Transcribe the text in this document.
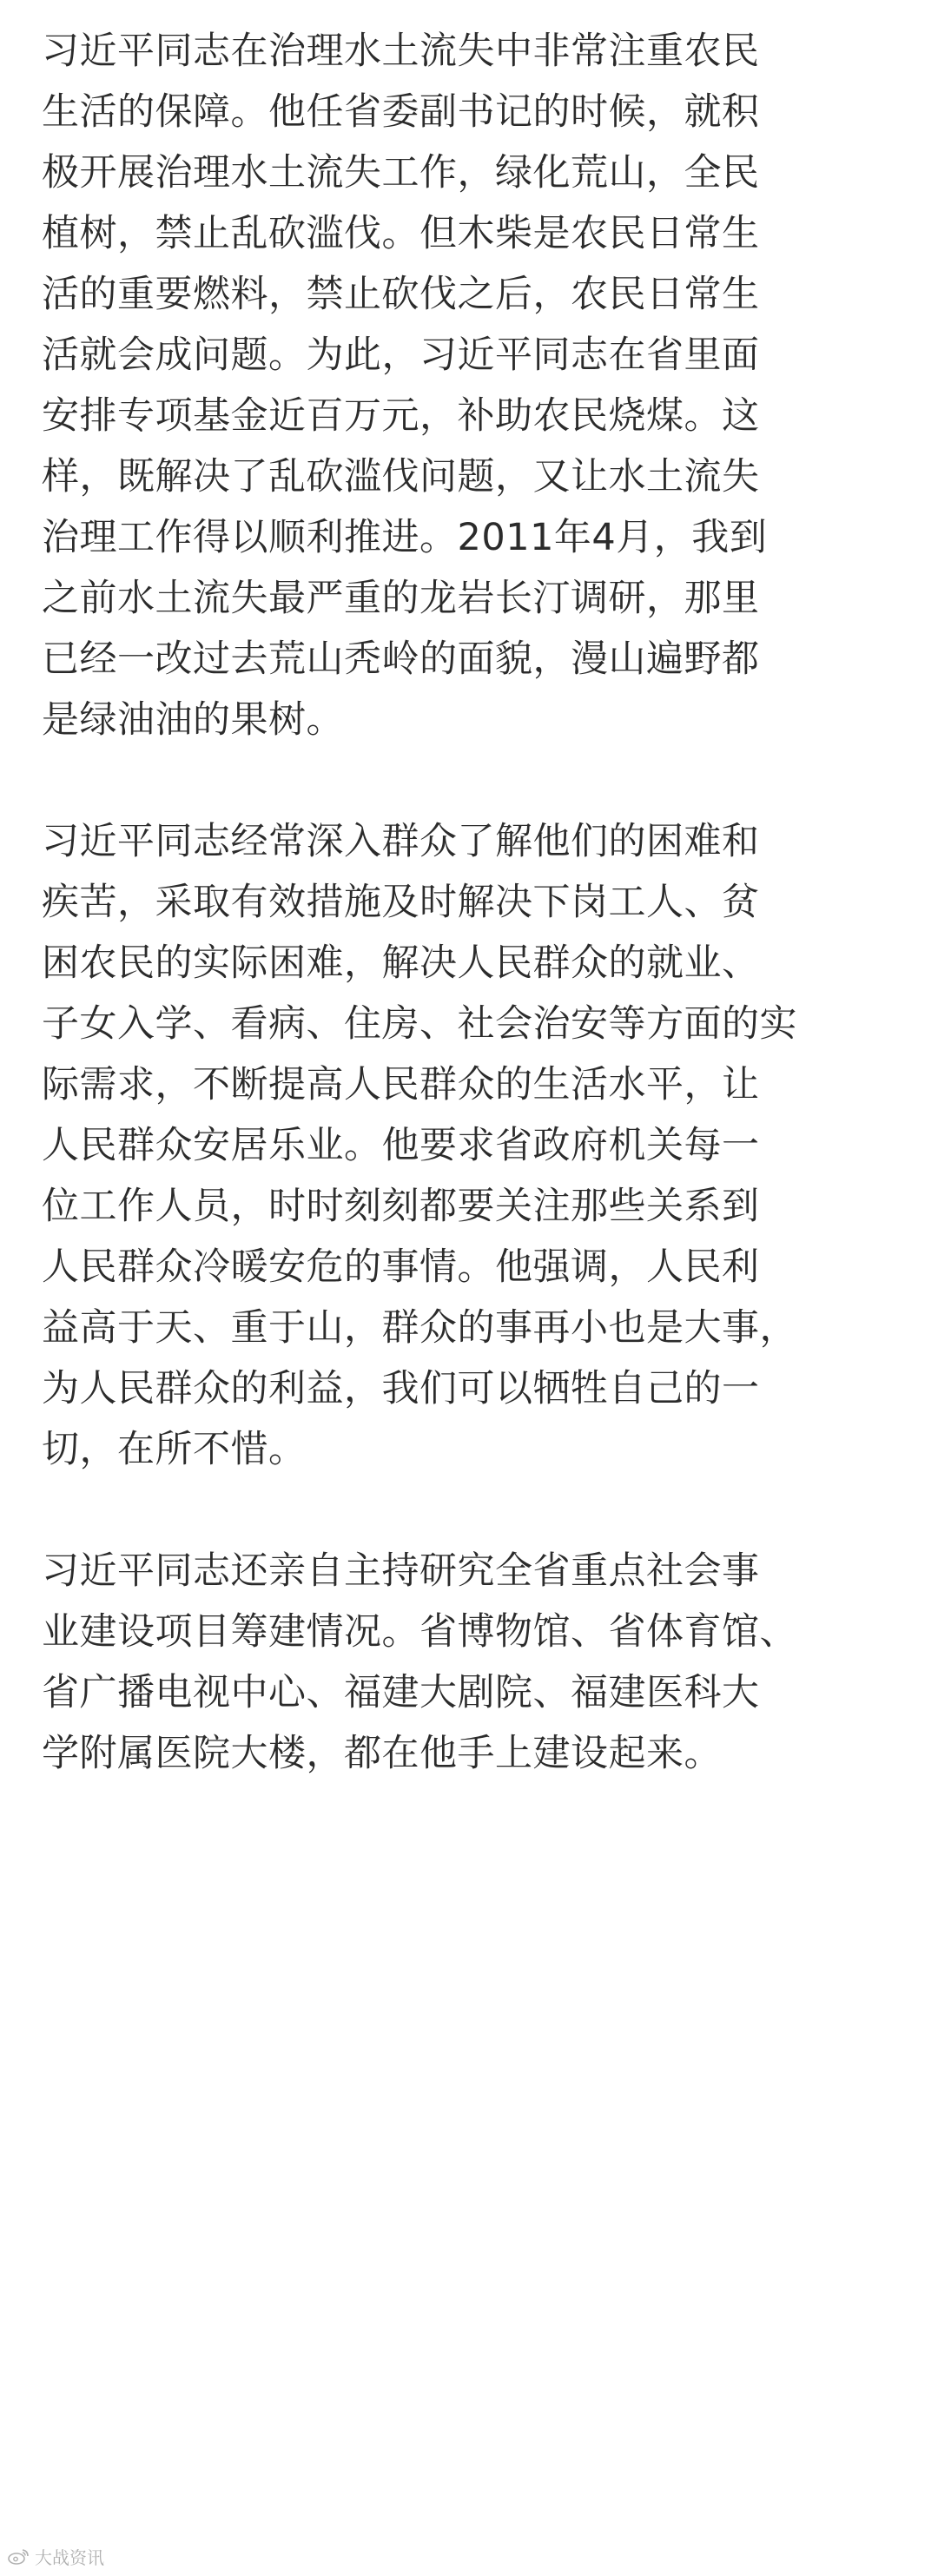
习近平同志在治理水土流失中非常注重农民
生活的保障。他任省委副书记的时候，就积
极开展治理水土流失工作，绿化荒山，全民
植树，禁止乱砍滥伐。但木柴是农民日常生
活的重要燃料，禁止砍伐之后，农民日常生
活就会成问题。为此，习近平同志在省里面
安排专项基金近百万元，补助农民烧煤。这
样，既解决了乱砍滥伐问题，又让水土流失
治理工作得以顺利推进。2011年4月，我到
之前水土流失最严重的龙岩长汀调研，那里
已经一改过去荒山秃岭的面貌，漫山遍野都
是绿油油的果树。

习近平同志经常深入群众了解他们的困难和
疾苦，采取有效措施及时解决下岗工人、贫
困农民的实际困难，解决人民群众的就业、
子女入学、看病、住房、社会治安等方面的实
际需求，不断提高人民群众的生活水平，让
人民群众安居乐业。他要求省政府机关每一
位工作人员，时时刻刻都要关注那些关系到
人民群众冷暖安危的事情。他强调，人民利
益高于天、重于山，群众的事再小也是大事，
为人民群众的利益，我们可以牺牲自己的一
切，在所不惜。

习近平同志还亲自主持研究全省重点社会事
业建设项目筹建情况。省博物馆、省体育馆、
省广播电视中心、福建大剧院、福建医科大
学附属医院大楼，都在他手上建设起来。

大战资讯
